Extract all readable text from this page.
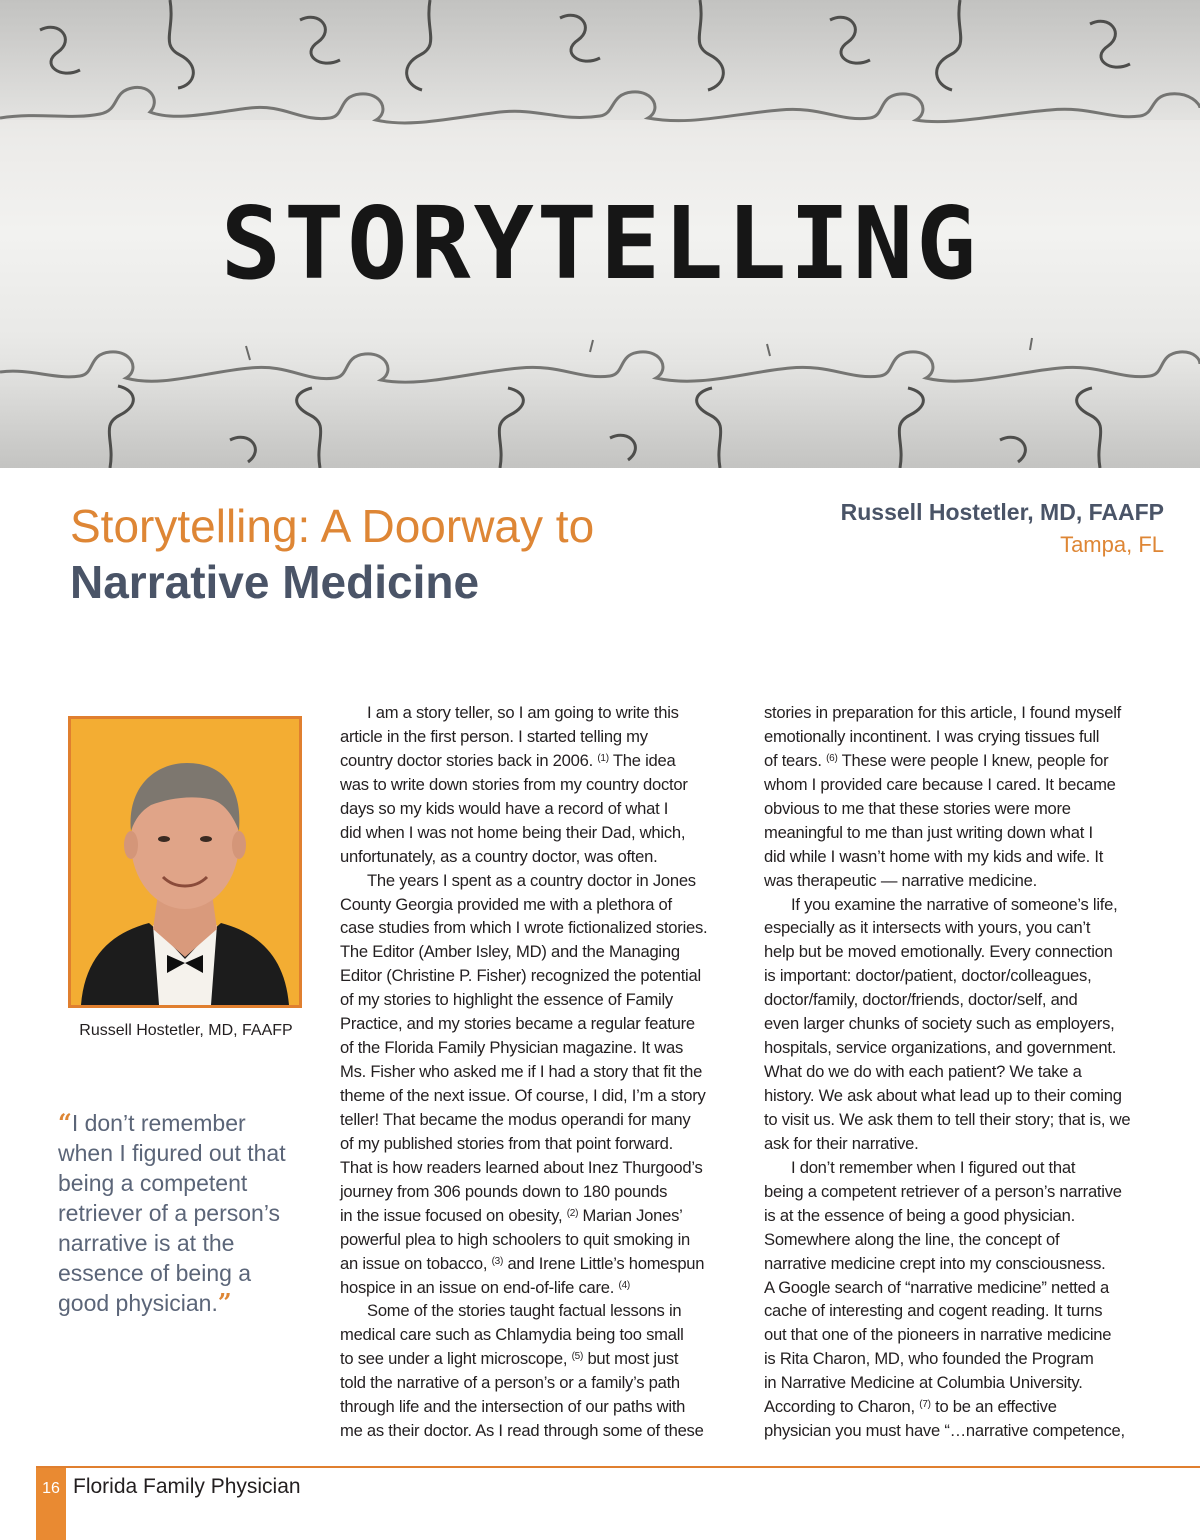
STORYTELLING
Storytelling: A Doorway to
Narrative Medicine
Russell Hostetler, MD, FAAFP
Tampa, FL
Russell Hostetler, MD, FAAFP
“I don’t remember
when I figured out that
being a competent
retriever of a person’s
narrative is at the
essence of being a
good physician.”
I am a story teller, so I am going to write this
article in the first person. I started telling my
country doctor stories back in 2006. $^{(1)}$ The idea
was to write down stories from my country doctor
days so my kids would have a record of what I
did when I was not home being their Dad, which,
unfortunately, as a country doctor, was often.
The years I spent as a country doctor in Jones
County Georgia provided me with a plethora of
case studies from which I wrote fictionalized stories.
The Editor (Amber Isley, MD) and the Managing
Editor (Christine P. Fisher) recognized the potential
of my stories to highlight the essence of Family
Practice, and my stories became a regular feature
of the Florida Family Physician magazine. It was
Ms. Fisher who asked me if I had a story that fit the
theme of the next issue. Of course, I did, I’m a story
teller! That became the modus operandi for many
of my published stories from that point forward.
That is how readers learned about Inez Thurgood’s
journey from 306 pounds down to 180 pounds
in the issue focused on obesity, $^{(2)}$ Marian Jones’
powerful plea to high schoolers to quit smoking in
an issue on tobacco, $^{(3)}$ and Irene Little’s homespun
hospice in an issue on end-of-life care. $^{(4)}$
Some of the stories taught factual lessons in
medical care such as Chlamydia being too small
to see under a light microscope, $^{(5)}$ but most just
told the narrative of a person’s or a family’s path
through life and the intersection of our paths with
me as their doctor. As I read through some of these
stories in preparation for this article, I found myself
emotionally incontinent. I was crying tissues full
of tears. $^{(6)}$ These were people I knew, people for
whom I provided care because I cared. It became
obvious to me that these stories were more
meaningful to me than just writing down what I
did while I wasn’t home with my kids and wife. It
was therapeutic — narrative medicine.
If you examine the narrative of someone’s life,
especially as it intersects with yours, you can’t
help but be moved emotionally. Every connection
is important: doctor/patient, doctor/colleagues,
doctor/family, doctor/friends, doctor/self, and
even larger chunks of society such as employers,
hospitals, service organizations, and government.
What do we do with each patient? We take a
history. We ask about what lead up to their coming
to visit us. We ask them to tell their story; that is, we
ask for their narrative.
I don’t remember when I figured out that
being a competent retriever of a person’s narrative
is at the essence of being a good physician.
Somewhere along the line, the concept of
narrative medicine crept into my consciousness.
A Google search of “narrative medicine” netted a
cache of interesting and cogent reading. It turns
out that one of the pioneers in narrative medicine
is Rita Charon, MD, who founded the Program
in Narrative Medicine at Columbia University.
According to Charon, $^{(7)}$ to be an effective
physician you must have “…narrative competence,
16 Florida Family Physician
